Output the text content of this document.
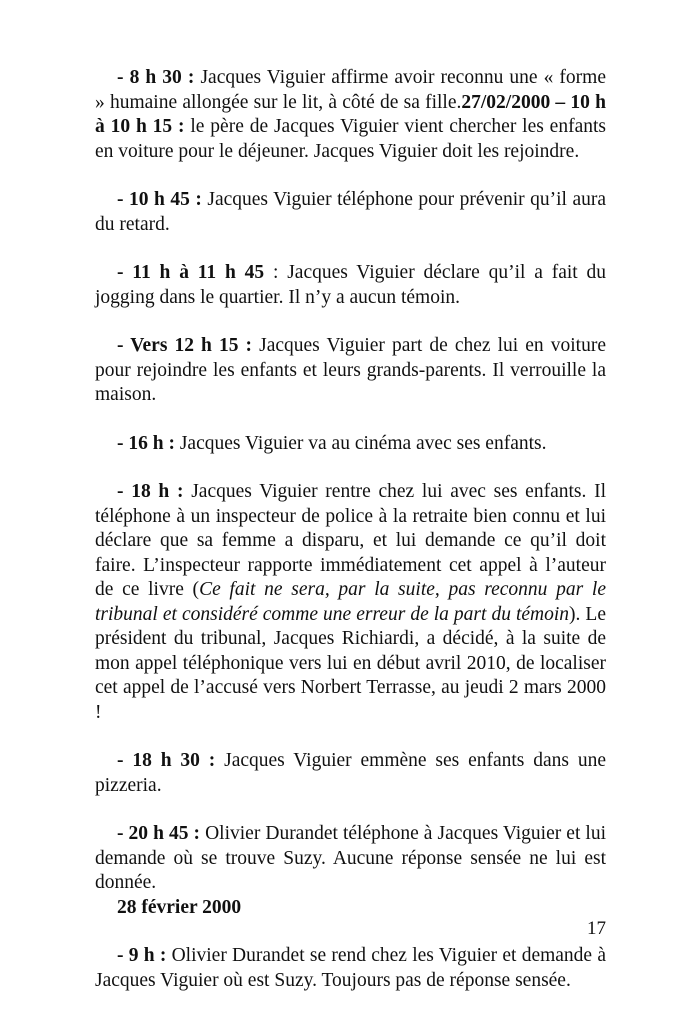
- 8 h 30 : Jacques Viguier affirme avoir reconnu une « forme » humaine allongée sur le lit, à côté de sa fille.27/02/2000 – 10 h à 10 h 15 : le père de Jacques Viguier vient chercher les enfants en voiture pour le déjeuner. Jacques Viguier doit les rejoindre.

- 10 h 45 : Jacques Viguier téléphone pour prévenir qu’il aura du retard.

- 11 h à 11 h 45 : Jacques Viguier déclare qu’il a fait du jogging dans le quartier. Il n’y a aucun témoin.

- Vers 12 h 15 : Jacques Viguier part de chez lui en voiture pour rejoindre les enfants et leurs grands-parents. Il verrouille la maison.

- 16 h : Jacques Viguier va au cinéma avec ses enfants.

- 18 h : Jacques Viguier rentre chez lui avec ses enfants. Il téléphone à un inspecteur de police à la retraite bien connu et lui déclare que sa femme a disparu, et lui demande ce qu’il doit faire. L’inspecteur rapporte immédiatement cet appel à l’auteur de ce livre (Ce fait ne sera, par la suite, pas reconnu par le tribunal et considéré comme une erreur de la part du témoin). Le président du tribunal, Jacques Richiardi, a décidé, à la suite de mon appel téléphonique vers lui en début avril 2010, de localiser cet appel de l’accusé vers Norbert Terrasse, au jeudi 2 mars 2000 !

- 18 h 30 : Jacques Viguier emmène ses enfants dans une pizzeria.

- 20 h 45 : Olivier Durandet téléphone à Jacques Viguier et lui demande où se trouve Suzy. Aucune réponse sensée ne lui est donnée.

28 février 2000

- 9 h : Olivier Durandet se rend chez les Viguier et demande à Jacques Viguier où est Suzy. Toujours pas de réponse sensée.

17
